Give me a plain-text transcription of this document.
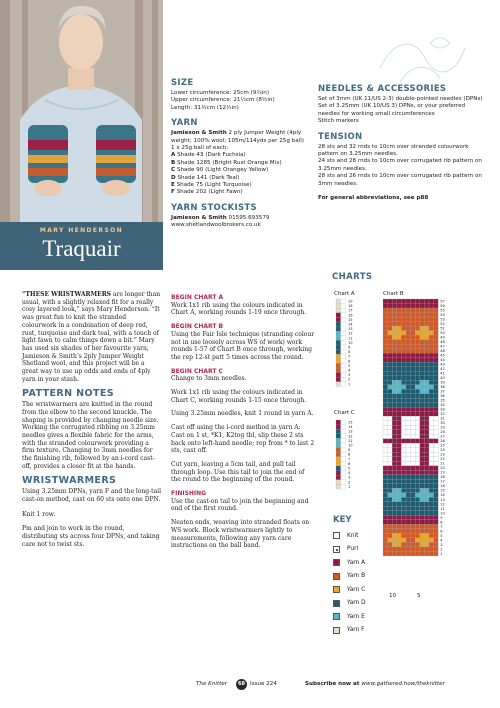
MARY HENDERSON
Traquair
SIZE
Lower circumference: 25cm (9¾in)
Upper circumference: 21½cm (8½in)
Length: 31½cm (12½in)
YARN
Jamieson & Smith 2 ply Jumper Weight (4ply weight; 100% wool; 105m/114yds per 25g ball)
1 x 25g ball of each:
A Shade 43 (Dark Fuchsia)
B Shade 1285 (Bright Rust Orange Mix)
C Shade 90 (Light Orangey Yellow)
D Shade 141 (Dark Teal)
E Shade 75 (Light Turquoise)
F Shade 202 (Light Fawn)
YARN STOCKISTS
Jamieson & Smith 01595 693579
www.shetlandwoolbrokers.co.uk
NEEDLES & ACCESSORIES
Set of 3mm (UK 11/US 2-3) double-pointed needles (DPNs)
Set of 3.25mm (UK 10/US 3) DPNs, or your preferred needles for working small circumferences
Stitch markers
TENSION
28 sts and 32 rnds to 10cm over stranded colourwork pattern on 3.25mm needles.
24 sts and 28 rnds to 10cm over corrugated rib pattern on 3.25mm needles.
28 sts and 26 rnds to 10cm over corrugated rib pattern on 3mm needles.
For general abbreviations, see p88

“THESE WRISTWARMERS are longer than usual, with a slightly relaxed fit for a really cosy layered look,” says Mary Henderson. “It was great fun to knit the stranded colourwork in a combination of deep red, rust, turquoise and dark teal, with a touch of light fawn to calm things down a bit.” Mary has used six shades of her favourite yarn, Jamieson & Smith’s 2ply Jumper Weight Shetland wool, and this project will be a great way to use up odds and ends of 4ply yarn in your stash.

PATTERN NOTES

The wristwarmers are knitted in the round from the elbow to the second knuckle. The shaping is provided by changing needle size. Working the corrugated ribbing on 3.25mm needles gives a flexible fabric for the arms, with the stranded colourwork providing a firm texture. Changing to 3mm needles for the finishing rib, followed by an i-cord cast-off, provides a closer fit at the hands.

WRISTWARMERS

Using 3.25mm DPNs, yarn F and the long-tail cast-on method, cast on 60 sts onto one DPN.

Knit 1 row.

Pm and join to work in the round, distributing sts across four DPNs, and taking care not to twist sts.

BEGIN CHART A

Work 1x1 rib using the colours indicated in Chart A, working rounds 1-19 once through.

BEGIN CHART B

Using the Fair Isle technique (stranding colour not in use loosely across WS of work) work rounds 1-57 of Chart B once through, working the rep 12-st patt 5 times across the round.

BEGIN CHART C

Change to 3mm needles.

Work 1x1 rib using the colours indicated in Chart C, working rounds 1-15 once through.

Using 3.25mm needles, knit 1 round in yarn A.

Cast off using the i-cord method in yarn A: Cast on 1 st, *K1, K2tog tbl, slip these 2 sts back onto left-hand needle; rep from * to last 2 sts, cast off.

Cut yarn, leaving a 5cm tail, and pull tail through loop. Use this tail to join the end of the round to the beginning of the round.

FINISHING

Use the cast-on tail to join the beginning and end of the first round.

Neaten ends, weaving into stranded floats on WS work. Block wristwarmers lightly to measurements, following any yarn care instructions on the ball band.

CHARTS
Chart A	Chart B
Chart C
19
18
17
16
15
14
13
12
11
10
9
8
7
6
5
4
3
2
1
15
14
13
12
11
10
9
8
7
6
5
4
3
2
1
57
56
55
54
53
52
51
50
49
48
47
46
45
44
43
42
41
40
39
38
37
36
35
34
33
32
31
30
29
28
27
26
25
24
23
22
21
20
19
18
17
16
15
14
13
12
11
10
9
8
7
6
5
4
3
2
1
10	5
KEY
Knit
Purl
Yarn A
Yarn B
Yarn C
Yarn D
Yarn E
Yarn F
The Knitter	68 Issue 224	Subscribe now at www.gathered.how/theknitter
